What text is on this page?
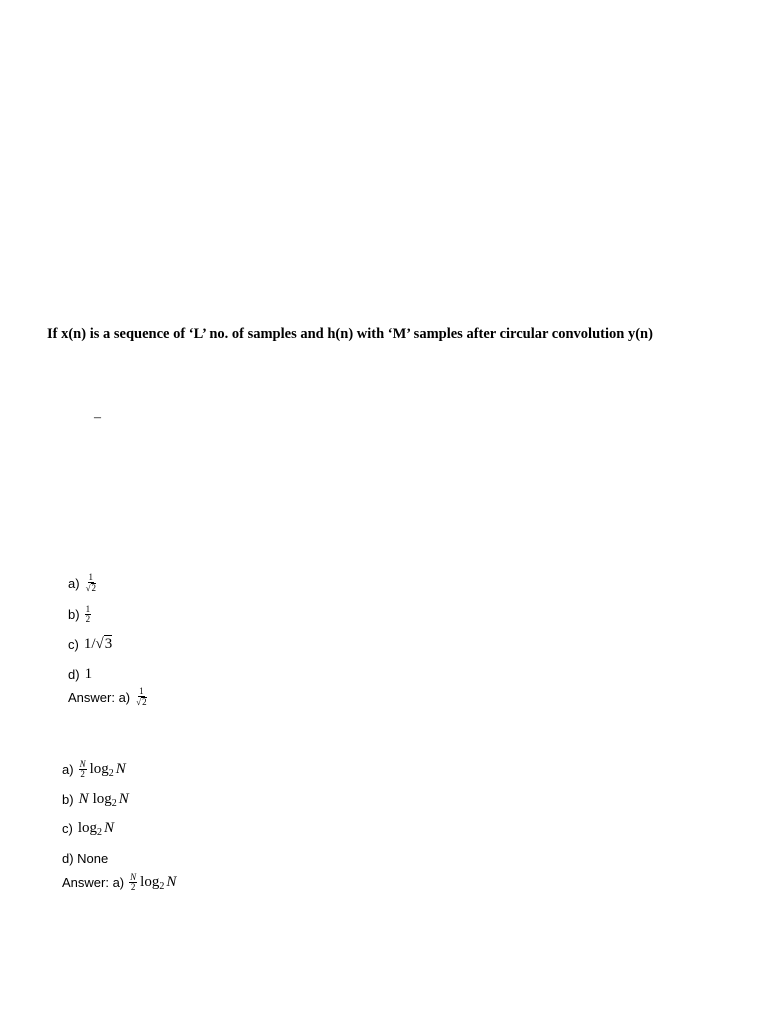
If x(n) is a sequence of ‘L’ no. of samples and h(n) with ‘M’ samples after circular convolution y(n)

–
$a) \frac{1}{√ 2}$
$b) \frac{1}{2}$
c) 1/ √ 3
d) 1
Answer: $a) \frac{1}{√ 2}$
$a) \frac{N}{2}$ log 2 N
b) N log 2 N
c) log 2 N
d) None
Answer: $a) \frac{N}{2}$ log 2 N
